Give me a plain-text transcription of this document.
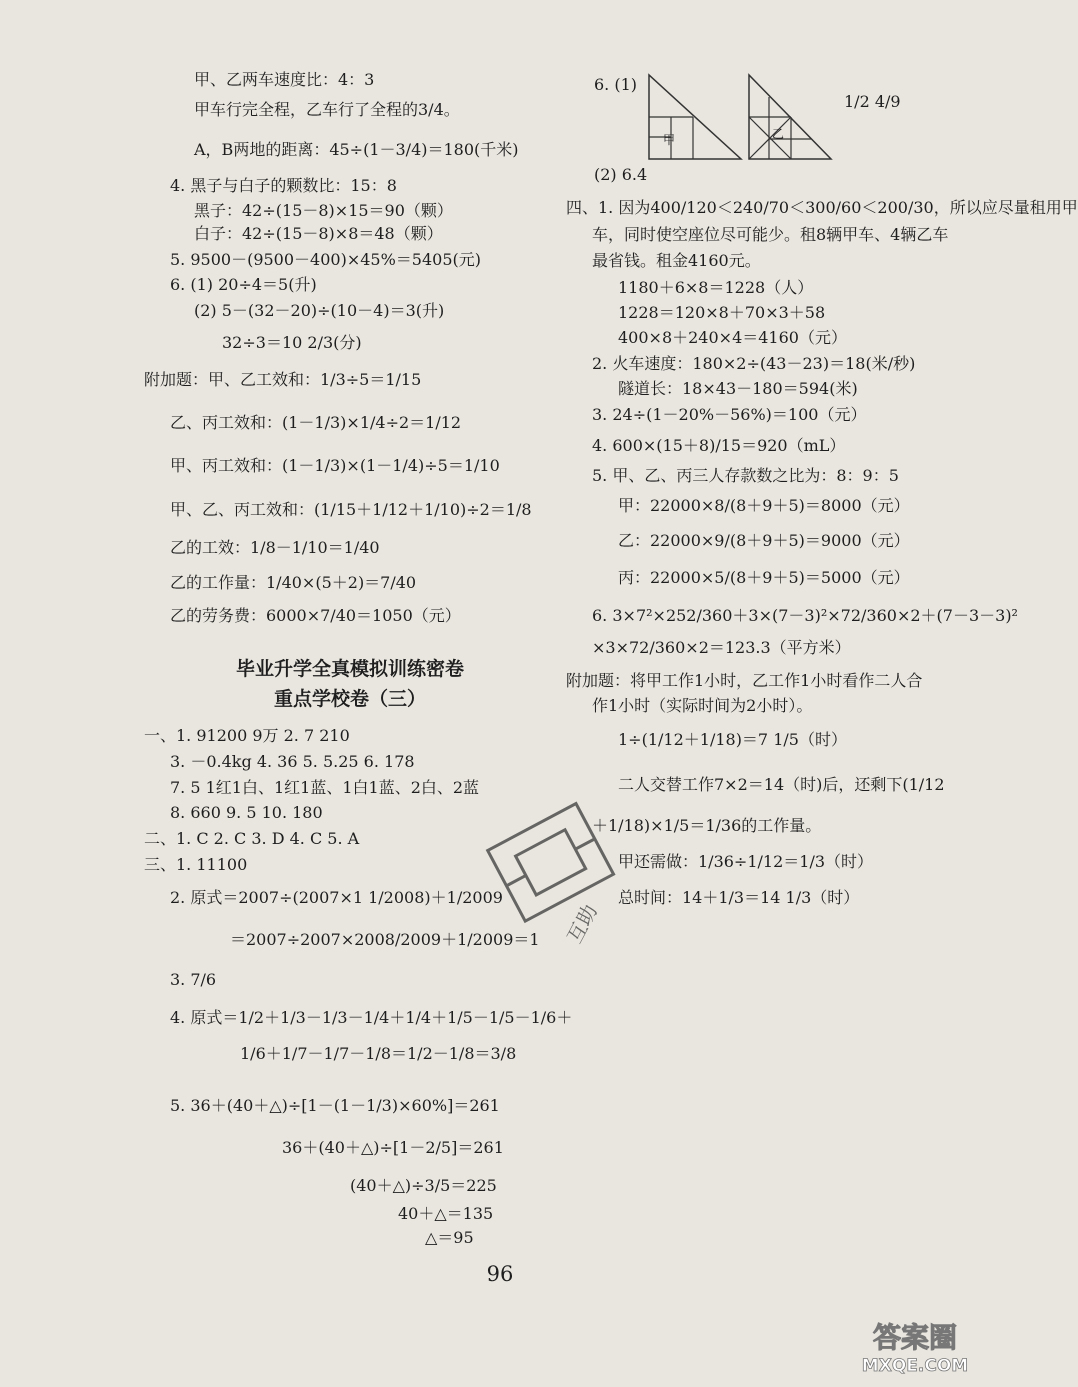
甲、乙两车速度比：4：3
甲车行完全程，乙车行了全程的3/4。
A，B两地的距离：45÷(1－3/4)＝180(千米)
4. 黑子与白子的颗数比：15：8
黑子：42÷(15－8)×15＝90（颗）
白子：42÷(15－8)×8＝48（颗）
5. 9500－(9500－400)×45%＝5405(元)
6. (1) 20÷4＝5(升)
(2) 5－(32－20)÷(10－4)＝3(升)
32÷3＝10 2/3(分)
附加题：甲、乙工效和：1/3÷5＝1/15
乙、丙工效和：(1－1/3)×1/4÷2＝1/12
甲、丙工效和：(1－1/3)×(1－1/4)÷5＝1/10
甲、乙、丙工效和：(1/15＋1/12＋1/10)÷2＝1/8
乙的工效：1/8－1/10＝1/40
乙的工作量：1/40×(5＋2)＝7/40
乙的劳务费：6000×7/40＝1050（元）
毕业升学全真模拟训练密卷
重点学校卷（三）
一、1. 91200 9万 2. 7 210
3. －0.4kg 4. 36 5. 5.25 6. 178
7. 5 1红1白、1红1蓝、1白1蓝、2白、2蓝
8. 660 9. 5 10. 180
二、1. C 2. C 3. D 4. C 5. A
三、1. 11100
2. 原式＝2007÷(2007×1 1/2008)＋1/2009
＝2007÷2007×2008/2009＋1/2009＝1
3. 7/6
4. 原式＝1/2＋1/3－1/3－1/4＋1/4＋1/5－1/5－1/6＋
1/6＋1/7－1/7－1/8＝1/2－1/8＝3/8
5. 36＋(40＋△)÷[1－(1－1/3)×60%]＝261
36＋(40＋△)÷[1－2/5]＝261
(40＋△)÷3/5＝225
40＋△＝135
△＝95
6. (1)
甲	乙
1/2 4/9
(2) 6.4
四、1. 因为400/120＜240/70＜300/60＜200/30，所以应尽量租用甲
车，同时使空座位尽可能少。租8辆甲车、4辆乙车
最省钱。租金4160元。
1180＋6×8＝1228（人）
1228＝120×8＋70×3＋58
400×8＋240×4＝4160（元）
2. 火车速度：180×2÷(43－23)＝18(米/秒)
隧道长：18×43－180＝594(米)
3. 24÷(1－20%－56%)＝100（元）
4. 600×(15＋8)/15＝920（mL）
5. 甲、乙、丙三人存款数之比为：8：9：5
甲：22000×8/(8＋9＋5)＝8000（元）
乙：22000×9/(8＋9＋5)＝9000（元）
丙：22000×5/(8＋9＋5)＝5000（元）
6. 3×7²×252/360＋3×(7－3)²×72/360×2＋(7－3－3)²
×3×72/360×2＝123.3（平方米）
附加题：将甲工作1小时，乙工作1小时看作二人合
作1小时（实际时间为2小时）。
1÷(1/12＋1/18)＝7 1/5（时）
二人交替工作7×2＝14（时)后，还剩下(1/12
＋1/18)×1/5＝1/36的工作量。
甲还需做：1/36÷1/12＝1/3（时）
总时间：14＋1/3＝14 1/3（时）
互助
96
答案圈
MXQE.COM
